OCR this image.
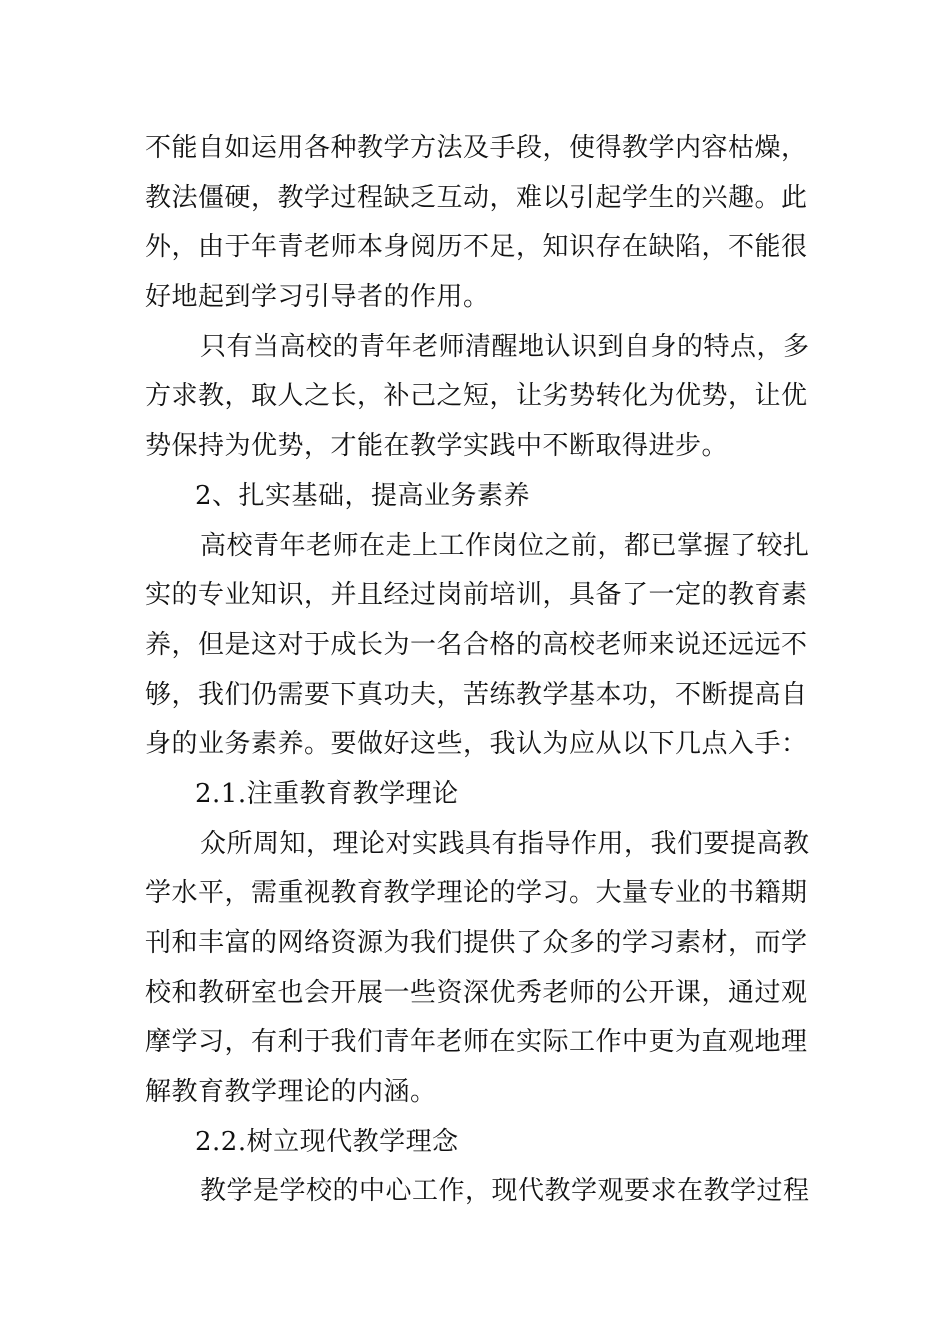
不能自如运用各种教学方法及手段，使得教学内容枯燥，
教法僵硬，教学过程缺乏互动，难以引起学生的兴趣。此
外，由于年青老师本身阅历不足，知识存在缺陷，不能很
好地起到学习引导者的作用。
只有当高校的青年老师清醒地认识到自身的特点，多
方求教，取人之长，补己之短，让劣势转化为优势，让优
势保持为优势，才能在教学实践中不断取得进步。
2、扎实基础，提高业务素养
高校青年老师在走上工作岗位之前，都已掌握了较扎
实的专业知识，并且经过岗前培训，具备了一定的教育素
养，但是这对于成长为一名合格的高校老师来说还远远不
够，我们仍需要下真功夫，苦练教学基本功，不断提高自
身的业务素养。要做好这些，我认为应从以下几点入手：
2.1.注重教育教学理论
众所周知，理论对实践具有指导作用，我们要提高教
学水平，需重视教育教学理论的学习。大量专业的书籍期
刊和丰富的网络资源为我们提供了众多的学习素材，而学
校和教研室也会开展一些资深优秀老师的公开课，通过观
摩学习，有利于我们青年老师在实际工作中更为直观地理
解教育教学理论的内涵。
2.2.树立现代教学理念
教学是学校的中心工作，现代教学观要求在教学过程
